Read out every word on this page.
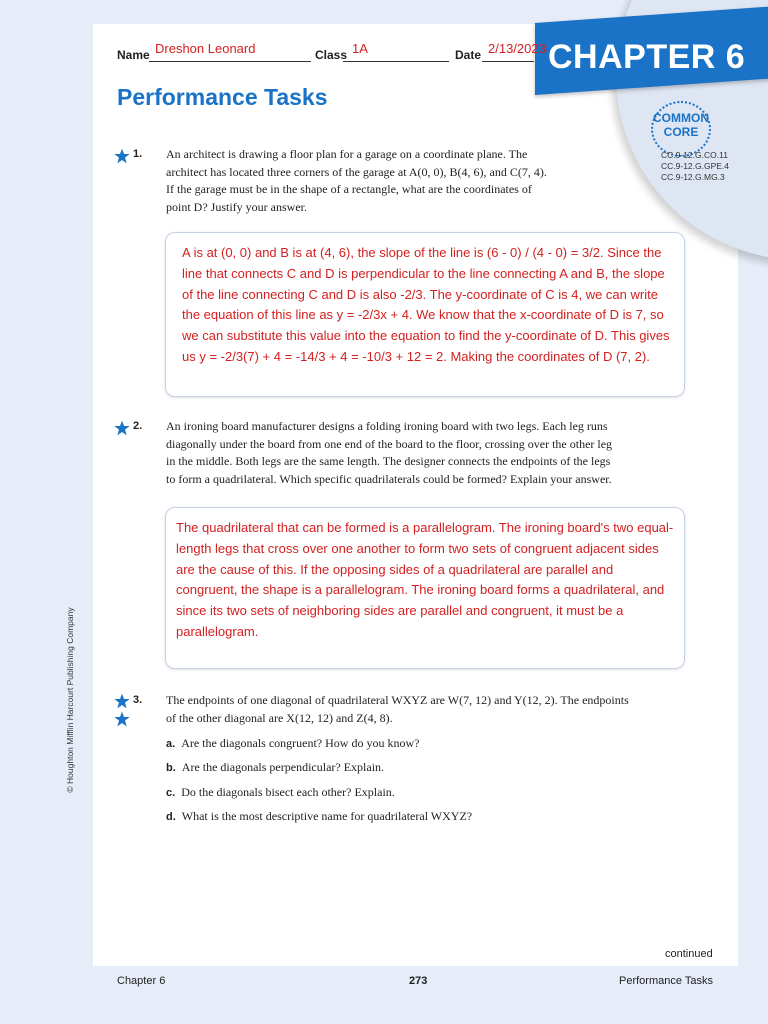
CHAPTER 6
COMMON
CORE
CC.9-12.G.CO.11
CC.9-12.G.GPE.4
CC.9-12.G.MG.3
Name Dreshon Leonard	Class 1A	Date 2/13/2023
Performance Tasks
1. An architect is drawing a floor plan for a garage on a coordinate plane. The
architect has located three corners of the garage at A(0, 0), B(4, 6), and C(7, 4).
If the garage must be in the shape of a rectangle, what are the coordinates of
point D? Justify your answer.
A is at (0, 0) and B is at (4, 6), the slope of the line is (6 - 0) / (4 - 0) = 3/2. Since the line that connects C and D is perpendicular to the line connecting A and B, the slope of the line connecting C and D is also -2/3. The y-coordinate of C is 4, we can write the equation of this line as y = -2/3x + 4. We know that the x-coordinate of D is 7, so we can substitute this value into the equation to find the y-coordinate of D. This gives us y = -2/3(7) + 4 = -14/3 + 4 = -10/3 + 12 = 2. Making the coordinates of D (7, 2).
2. An ironing board manufacturer designs a folding ironing board with two legs. Each leg runs
diagonally under the board from one end of the board to the floor, crossing over the other leg
in the middle. Both legs are the same length. The designer connects the endpoints of the legs
to form a quadrilateral. Which specific quadrilaterals could be formed? Explain your answer.
The quadrilateral that can be formed is a parallelogram. The ironing board's two equal-length legs that cross over one another to form two sets of congruent adjacent sides are the cause of this. If the opposing sides of a quadrilateral are parallel and congruent, the shape is a parallelogram. The ironing board forms a quadrilateral, and since its two sets of neighboring sides are parallel and congruent, it must be a parallelogram.
3. The endpoints of one diagonal of quadrilateral WXYZ are W(7, 12) and Y(12, 2). The endpoints
of the other diagonal are X(12, 12) and Z(4, 8).
a. Are the diagonals congruent? How do you know?
b. Are the diagonals perpendicular? Explain.
c. Do the diagonals bisect each other? Explain.
d. What is the most descriptive name for quadrilateral WXYZ?
continued
Chapter 6	273	Performance Tasks
© Houghton Mifflin Harcourt Publishing Company
